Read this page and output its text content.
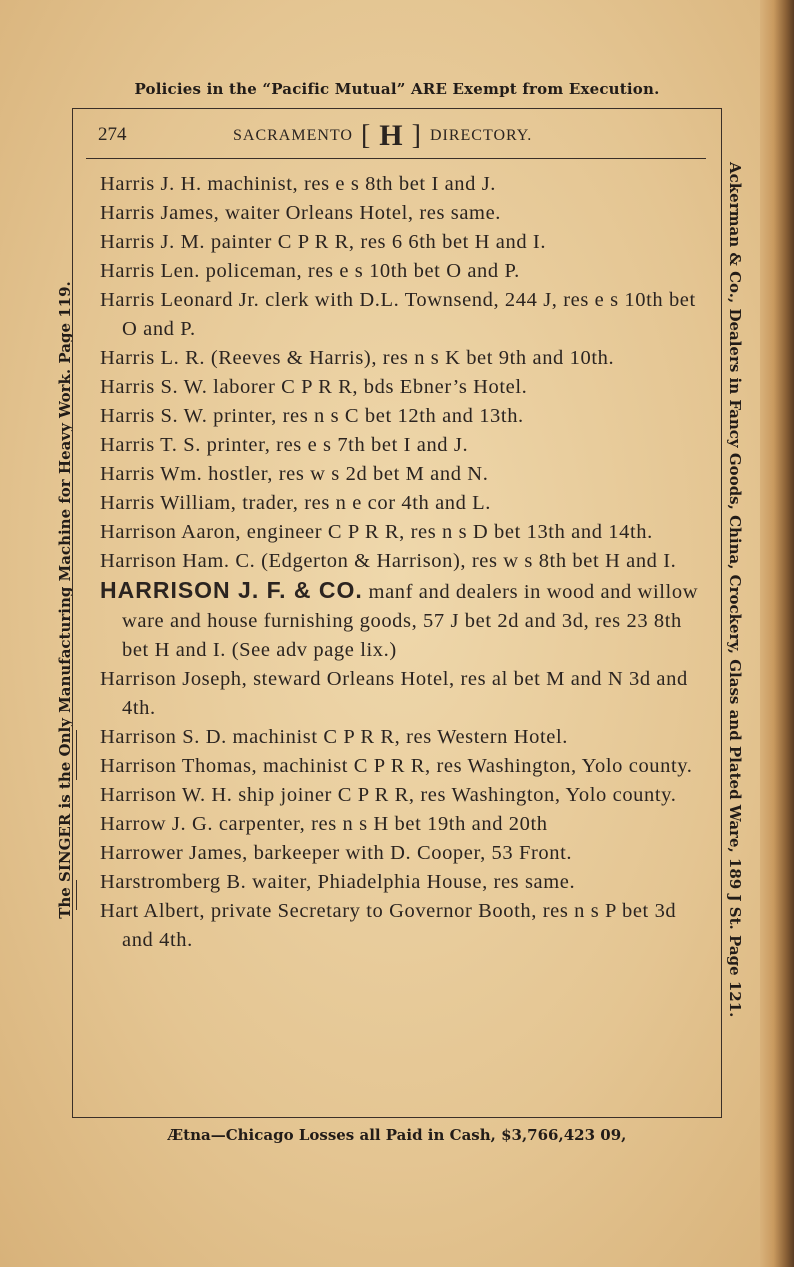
Policies in the “Pacific Mutual” ARE Exempt from Execution.
The SINGER is the Only Manufacturing Machine for Heavy Work. Page 119.	Ackerman & Co., Dealers in Fancy Goods, China, Crockery, Glass and Plated Ware, 189 J St. Page 121.
274	SACRAMENTO [ H ] DIRECTORY.
Harris J. H. machinist, res e s 8th bet I and J.
Harris James, waiter Orleans Hotel, res same.
Harris J. M. painter C P R R, res 6 6th bet H and I.
Harris Len. policeman, res e s 10th bet O and P.
Harris Leonard Jr. clerk with D.L. Townsend, 244 J, res e s 10th bet O and P.
Harris L. R. (Reeves & Harris), res n s K bet 9th and 10th.
Harris S. W. laborer C P R R, bds Ebner’s Hotel.
Harris S. W. printer, res n s C bet 12th and 13th.
Harris T. S. printer, res e s 7th bet I and J.
Harris Wm. hostler, res w s 2d bet M and N.
Harris William, trader, res n e cor 4th and L.
Harrison Aaron, engineer C P R R, res n s D bet 13th and 14th.
Harrison Ham. C. (Edgerton & Harrison), res w s 8th bet H and I.
HARRISON J. F. & CO. manf and dealers in wood and willow ware and house furnishing goods, 57 J bet 2d and 3d, res 23 8th bet H and I. (See adv page lix.)
Harrison Joseph, steward Orleans Hotel, res al bet M and N 3d and 4th.
Harrison S. D. machinist C P R R, res Western Hotel.
Harrison Thomas, machinist C P R R, res Washington, Yolo county.
Harrison W. H. ship joiner C P R R, res Washington, Yolo county.
Harrow J. G. carpenter, res n s H bet 19th and 20th
Harrower James, barkeeper with D. Cooper, 53 Front.
Harstromberg B. waiter, Phiadelphia House, res same.
Hart Albert, private Secretary to Governor Booth, res n s P bet 3d and 4th.
Ætna—Chicago Losses all Paid in Cash, $3,766,423 09,
